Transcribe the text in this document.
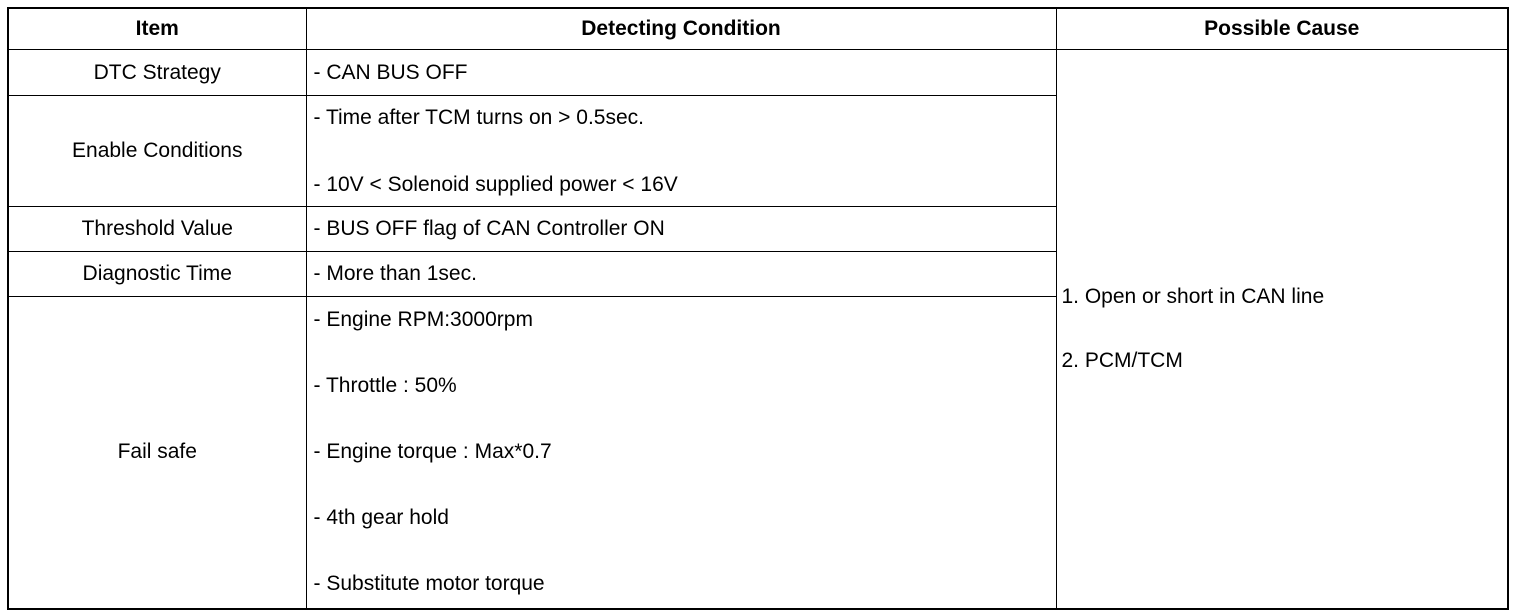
Item	Detecting Condition	Possible Cause
DTC Strategy	- CAN BUS OFF	1. Open or short in CAN line
2. PCM/TCM

Enable Conditions	- Time after TCM turns on > 0.5sec.
- 10V < Solenoid supplied power < 16V	

Threshold Value	- BUS OFF flag of CAN Controller ON	

Diagnostic Time	- More than 1sec.	

Fail safe	- Engine RPM:3000rpm
- Throttle : 50%
- Engine torque : Max*0.7
- 4th gear hold
- Substitute motor torque	
